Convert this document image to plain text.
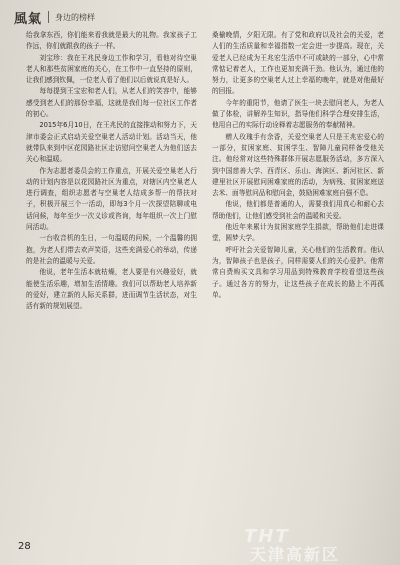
風氣 身边的榜样

给我拿东西，你们能来看我就是最大的礼物。我家孩子工作远，你们就跟我的孩子一样。

刘宝珍：我在王兆民身边工作和学习，看他对待空巢老人和那些贫困家庭的关心，在工作中一直坚持的原则，让我们感到钦佩，一位老人看了他们以后就说真是好人。

每每提到王宝宏和老人们，从老人们的笑容中，能够感受到老人们的那份幸福，这就是我们每一位社区工作者的初心。

2015年6月10日，在王兆民的直接推动和努力下，天津市委会正式启动关爱空巢老人活动计划。活动当天，他就带队来到中区花园路社区走访慰问空巢老人为他们送去关心和温暖。

作为志愿者委员会的工作重点，开展关爱空巢老人行动的计划内容是以花园路社区为重点，对辖区内空巢老人进行调查，组织志愿者与空巢老人结成多帮一的帮扶对子，积极开展三个一活动，即每3个月一次探望陪聊或电话问候，每年至少一次义诊或咨询，每年组织一次上门慰问活动。

一台收音机的生日，一句温暖的问候，一个温馨的拥抱，为老人们带去欢声笑语，这些充满爱心的举动，传递的是社会的温暖与关爱。

他说，老年生活本就枯燥，老人要是有兴趣爱好，就能使生活乐趣，增加生活情趣。我们可以帮助老人培养新的爱好，建立新的人际关系群，进而调节生活状态，对生活有新的规划展望。

桑榆晚情，夕阳无限。有了党和政府以及社会的关爱，老人们的生活质量和幸福指数一定会进一步提高。现在，关爱老人已经成为王兆宏生活中不可或缺的一部分，心中常常惦记着老人，工作也更加充满干劲。他认为，通过他的努力，让更多的空巢老人过上幸福的晚年，就是对他最好的回报。

今年的重阳节，他请了医生一块去慰问老人，为老人做了体检，讲解养生知识，指导他们科学合理安排生活，他用自己的实际行动诠释着志愿服务的奉献精神。

赠人玫瑰手有余香，关爱空巢老人只是王兆宏爱心的一部分，贫困家庭、贫困学生、智障儿童同样备受他关注。他经常对这些特殊群体开展志愿服务活动，多方深入到中国慈善大学、西青区、乐山、海滨区、新河社区、新建里社区开展慰问困难家庭的活动，为病残、贫困家庭送去米、面等慰问品和慰问金，鼓励困难家庭自强不息。

他说，他们都是普通的人，需要我们用真心和耐心去帮助他们，让他们感受到社会的温暖和关爱。

他近年来累计为贫困家庭学生捐款，帮助他们走进课堂，圆梦大学。

呼吁社会关爱智障儿童，关心他们的生活教育。他认为，智障孩子也是孩子，同样需要人们的关心爱护。他常常自费购买文具和学习用品到特殊教育学校看望这些孩子。通过各方的努力，让这些孩子在成长的路上不再孤单。

28	THT
天津高新区
